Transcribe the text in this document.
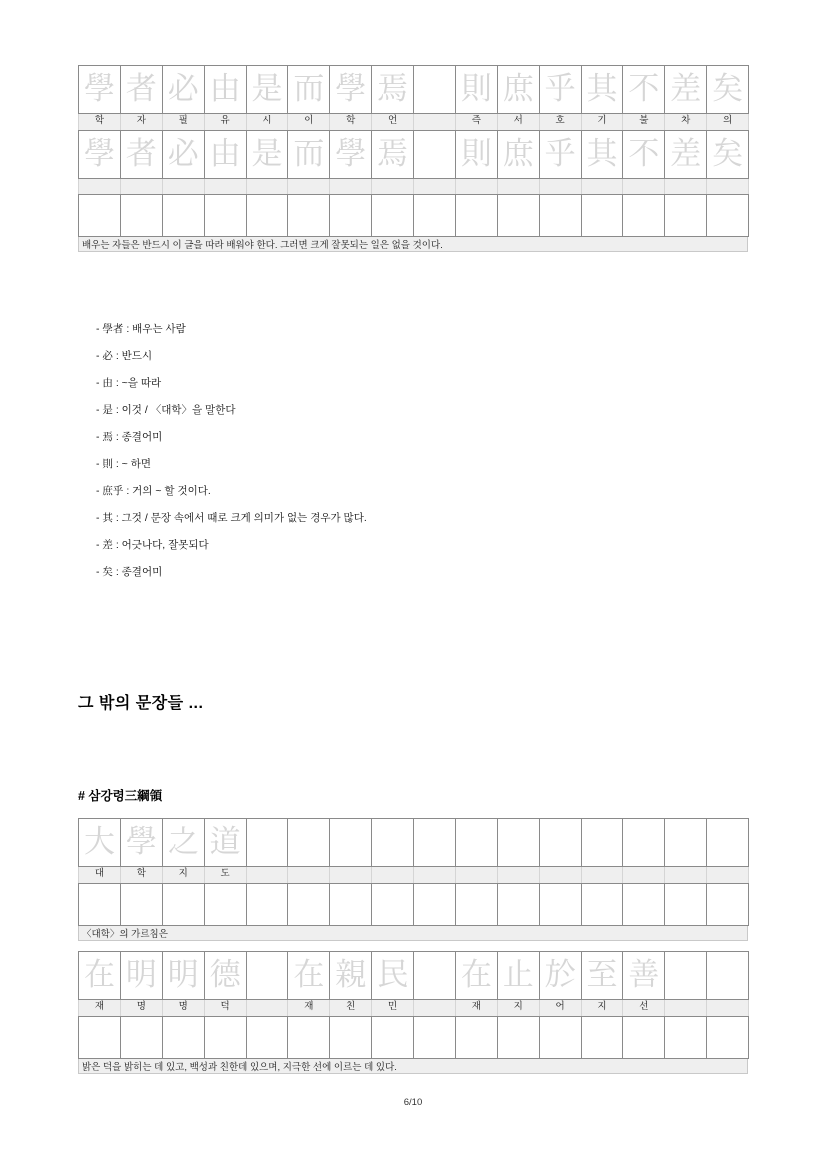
學	者	必	由	是	而	學	焉		則	庶	乎	其	不	差	矣

학	자	필	유	시	이	학	언		즉	서	호	기	불	차	의

學	者	必	由	是	而	學	焉		則	庶	乎	其	不	差	矣

배우는 자들은 반드시 이 글을 따라 배워야 한다. 그러면 크게 잘못되는 일은 없을 것이다.
- 學者 : 배우는 사람
- 必 : 반드시
- 由 : ~을 따라
- 是 : 이것 / 〈대학〉을 말한다
- 焉 : 종결어미
- 則 : ~ 하면
- 庶乎 : 거의 ~ 할 것이다.
- 其 : 그것 / 문장 속에서 때로 크게 의미가 없는 경우가 많다.
- 差 : 어긋나다, 잘못되다
- 矣 : 종결어미
그 밖의 문장들 ...
# 삼강령三綱領
大	學	之	道												

대	학	지	도												

〈대학〉의 가르침은
在	明	明	德		在	親	民		在	止	於	至	善		

재	명	명	덕		재	친	민		재	지	어	지	선		

밝은 덕을 밝히는 데 있고, 백성과 친한데 있으며, 지극한 선에 이르는 데 있다.
6/10
